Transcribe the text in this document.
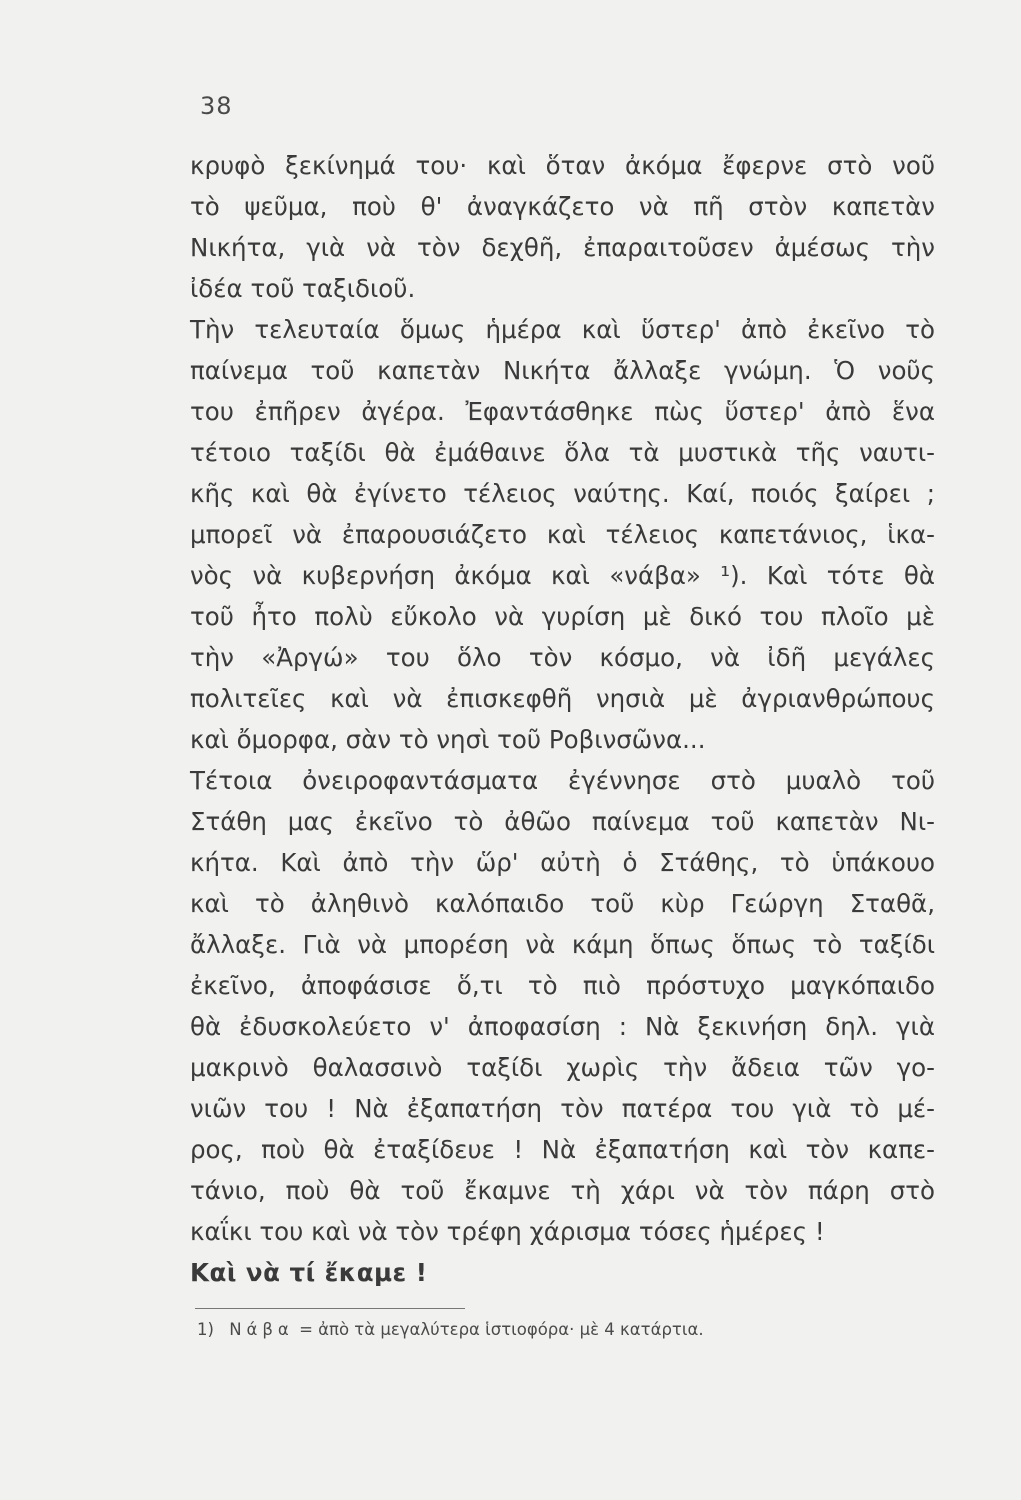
38
κρυφὸ ξεκίνημά του· καὶ ὅταν ἀκόμα ἔφερνε στὸ νοῦ
τὸ ψεῦμα, ποὺ θ' ἀναγκάζετο νὰ πῆ στὸν καπετὰν
Νικήτα, γιὰ νὰ τὸν δεχθῆ, ἐπαραιτοῦσεν ἀμέσως τὴν
ἰδέα τοῦ ταξιδιοῦ.
Τὴν τελευταία ὅμως ἡμέρα καὶ ὕστερ' ἀπὸ ἐκεῖνο τὸ
παίνεμα τοῦ καπετὰν Νικήτα ἄλλαξε γνώμη. Ὁ νοῦς
του ἐπῆρεν ἀγέρα. Ἐφαντάσθηκε πὼς ὕστερ' ἀπὸ ἕνα
τέτοιο ταξίδι θὰ ἐμάθαινε ὅλα τὰ μυστικὰ τῆς ναυτι-
κῆς καὶ θὰ ἐγίνετο τέλειος ναύτης. Καί, ποιός ξαίρει ;
μπορεῖ νὰ ἐπαρουσιάζετο καὶ τέλειος καπετάνιος, ἱκα-
νὸς νὰ κυβερνήση ἀκόμα καὶ «νάβα» ¹). Καὶ τότε θὰ
τοῦ ἦτο πολὺ εὔκολο νὰ γυρίση μὲ δικό του πλοῖο μὲ
τὴν «Ἀργώ» του ὅλο τὸν κόσμο, νὰ ἰδῆ μεγάλες
πολιτεῖες καὶ νὰ ἐπισκεφθῆ νησιὰ μὲ ἀγριανθρώπους
καὶ ὄμορφα, σὰν τὸ νησὶ τοῦ Ροβινσῶνα...
Τέτοια ὀνειροφαντάσματα ἐγέννησε στὸ μυαλὸ τοῦ
Στάθη μας ἐκεῖνο τὸ ἀθῶο παίνεμα τοῦ καπετὰν Νι-
κήτα. Καὶ ἀπὸ τὴν ὥρ' αὐτὴ ὁ Στάθης, τὸ ὑπάκουο
καὶ τὸ ἀληθινὸ καλόπαιδο τοῦ κὺρ Γεώργη Σταθᾶ,
ἄλλαξε. Γιὰ νὰ μπορέση νὰ κάμη ὅπως ὅπως τὸ ταξίδι
ἐκεῖνο, ἀποφάσισε ὅ,τι τὸ πιὸ πρόστυχο μαγκόπαιδο
θὰ ἐδυσκολεύετο ν' ἀποφασίση : Νὰ ξεκινήση δηλ. γιὰ
μακρινὸ θαλασσινὸ ταξίδι χωρὶς τὴν ἄδεια τῶν γο-
νιῶν του ! Νὰ ἐξαπατήση τὸν πατέρα του γιὰ τὸ μέ-
ρος, ποὺ θὰ ἐταξίδευε ! Νὰ ἐξαπατήση καὶ τὸν καπε-
τάνιο, ποὺ θὰ τοῦ ἔκαμνε τὴ χάρι νὰ τὸν πάρη στὸ
καΐκι του καὶ νὰ τὸν τρέφη χάρισμα τόσες ἡμέρες !
Καὶ νὰ τί ἔκαμε !
1) Νάβα = ἀπὸ τὰ μεγαλύτερα ἱστιοφόρα· μὲ 4 κατάρτια.
